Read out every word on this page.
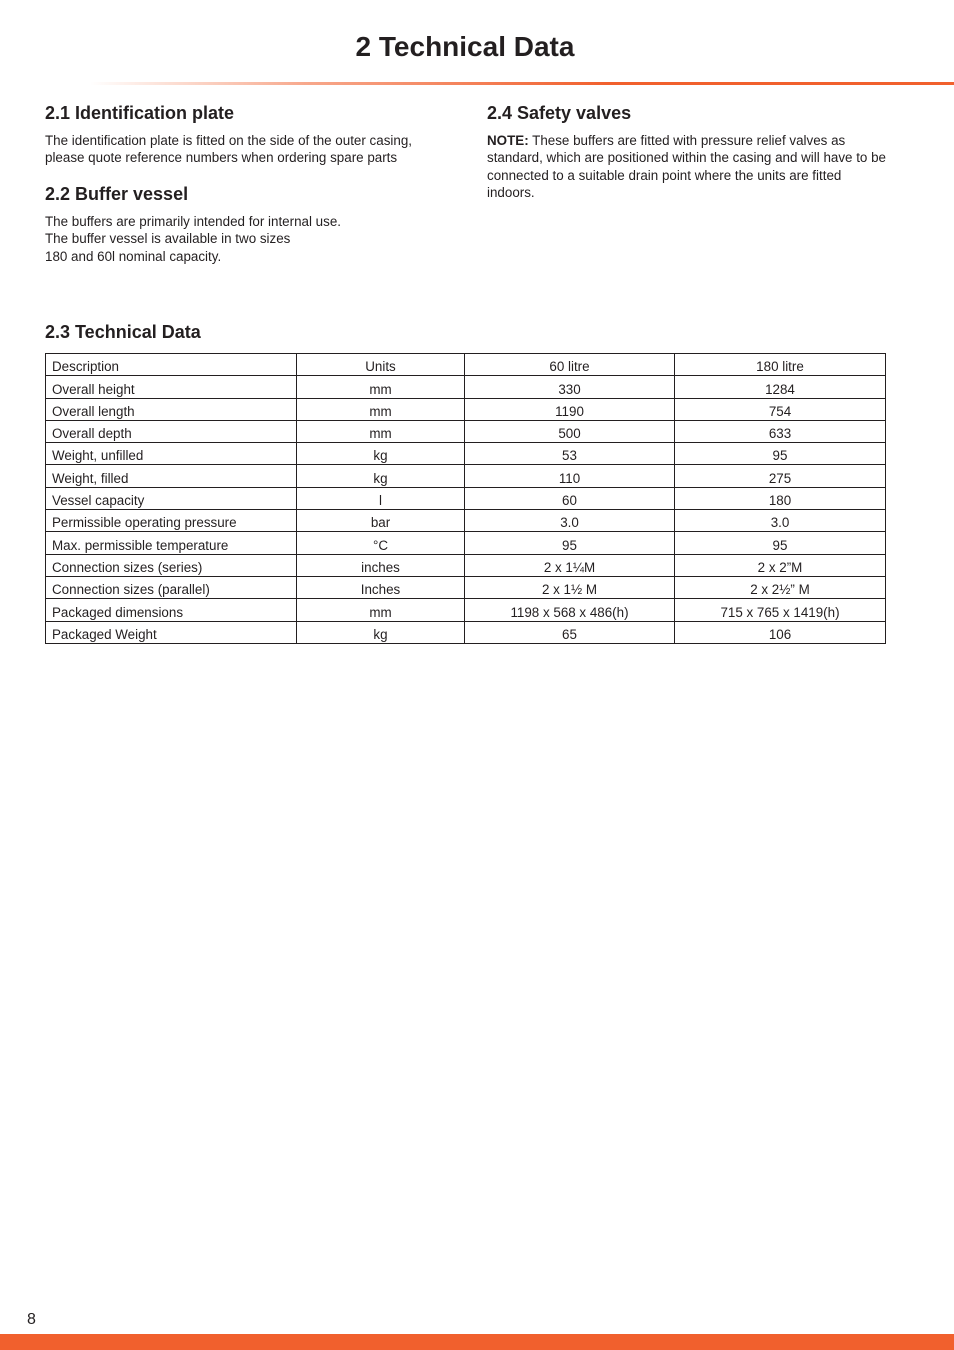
2 Technical Data
2.1 Identification plate

The identification plate is fitted on the side of the outer casing, please quote reference numbers when ordering spare parts

2.2 Buffer vessel

The buffers are primarily intended for internal use.
The buffer vessel is available in two sizes
180 and 60l nominal capacity.

2.4 Safety valves

NOTE: These buffers are fitted with pressure relief valves as standard, which are positioned within the casing and will have to be connected to a suitable drain point where the units are fitted indoors.

2.3 Technical Data
Description	Units	60 litre	180 litre
Overall height	mm	330	1284
Overall length	mm	1190	754
Overall depth	mm	500	633
Weight, unfilled	kg	53	95
Weight, filled	kg	110	275
Vessel capacity	l	60	180
Permissible operating pressure	bar	3.0	3.0
Max. permissible temperature	°C	95	95
Connection sizes (series)	inches	2 x 1¼M	2 x 2”M
Connection sizes (parallel)	Inches	2 x 1½ M	2 x 2½” M
Packaged dimensions	mm	1198 x 568 x 486(h)	715 x 765 x 1419(h)
Packaged Weight	kg	65	106
8
